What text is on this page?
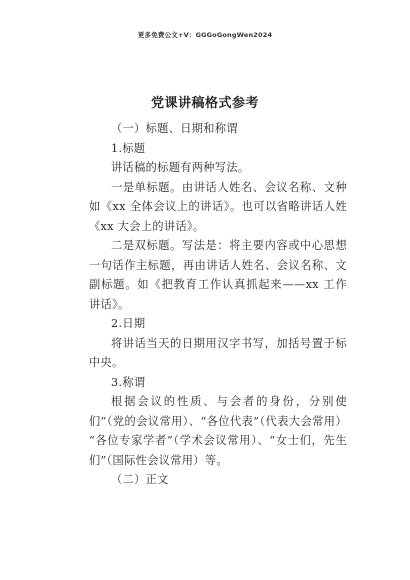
更多免费公文+V：GGGoGongWen2024
党课讲稿格式参考
（一）标题、日期和称谓
1.标题
讲话稿的标题有两种写法。
一是单标题。由讲话人姓名、会议名称、文种
如《xx 全体会议上的讲话》。也可以省略讲话人姓
《xx 大会上的讲话》。
二是双标题。写法是：将主要内容或中心思想
一句话作主标题，再由讲话人姓名、会议名称、文
副标题。如《把教育工作认真抓起来——xx 工作
讲话》。
2.日期
将讲话当天的日期用汉字书写，加括号置于标
中央。
3.称谓
根据会议的性质、与会者的身份，分别使
们”（党的会议常用）、“各位代表”（代表大会常用）
“各位专家学者”（学术会议常用）、“女士们，先生
们”（国际性会议常用）等。
（二）正文
